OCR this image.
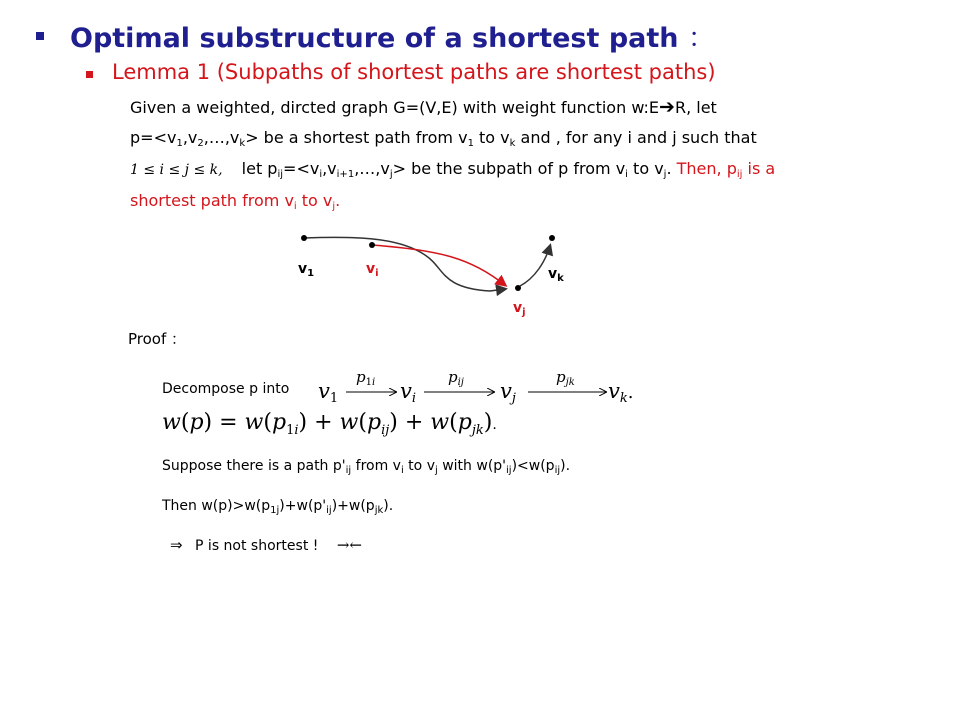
Optimal substructure of a shortest path ：
Lemma 1 (Subpaths of shortest paths are shortest paths)
Given a weighted, dircted graph G=(V,E) with weight function w:E➔R, let
$p=<v_1,v_2,\dots,v_k>$ be a shortest path from $v_1$ to $v_k$ and , for any i and j such that
1 ≤ i ≤ j ≤ k, let $p_{ij}=<v_i,v_{i+1},\dots,v_j>$ be the subpath of p from $v_i$ to $v_j$. Then, $p_{ij}$ is a
shortest path from $v_i$ to $v_j$.
$v_1$	$v_i$
$v_j$
$v_k$
Proof ：
Decompose p into v1
$p_1i$ vi
$p_{ij}$ vj
$p_{jk}$ vk.
$w(p) = w(p_{1i}) + w(p_{ij}) + w(p_{jk})$.
Suppose there is a path $p'_{ij}$ from $v_i$ to $v_j$ with $w(p'_{ij})<w(p_{ij})$.
Then $w(p)>w(p_{1j})+w(p'_{ij})+w(p_{jk})$.
⇒ P is not shortest ! →←
